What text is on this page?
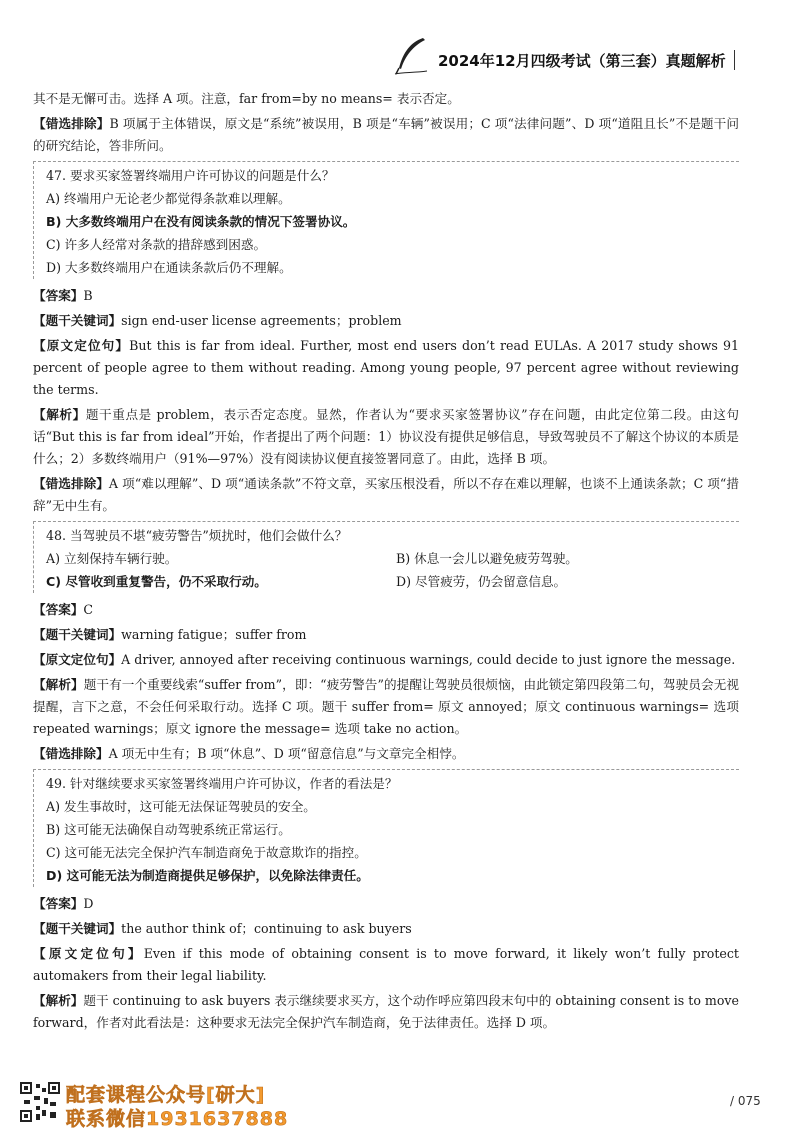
2024年12月四级考试（第三套）真题解析

其不是无懈可击。选择 A 项。注意，far from=by no means= 表示否定。

【错选排除】B 项属于主体错误，原文是“系统”被误用，B 项是“车辆”被误用；C 项“法律问题”、D 项“道阻且长”不是题干问的研究结论，答非所问。

47. 要求买家签署终端用户许可协议的问题是什么？

A) 终端用户无论老少都觉得条款难以理解。

B) 大多数终端用户在没有阅读条款的情况下签署协议。

C) 许多人经常对条款的措辞感到困惑。

D) 大多数终端用户在通读条款后仍不理解。

【答案】B

【题干关键词】sign end-user license agreements；problem

【原文定位句】But this is far from ideal. Further, most end users don’t read EULAs. A 2017 study shows 91 percent of people agree to them without reading. Among young people, 97 percent agree without reviewing the terms.

【解析】题干重点是 problem，表示否定态度。显然，作者认为“要求买家签署协议”存在问题，由此定位第二段。由这句话“But this is far from ideal”开始，作者提出了两个问题：1）协议没有提供足够信息，导致驾驶员不了解这个协议的本质是什么；2）多数终端用户（91%—97%）没有阅读协议便直接签署同意了。由此，选择 B 项。

【错选排除】A 项“难以理解”、D 项“通读条款”不符文章，买家压根没看，所以不存在难以理解，也谈不上通读条款；C 项“措辞”无中生有。

48. 当驾驶员不堪“疲劳警告”烦扰时，他们会做什么？

A) 立刻保持车辆行驶。	B) 休息一会儿以避免疲劳驾驶。

C) 尽管收到重复警告，仍不采取行动。	D) 尽管疲劳，仍会留意信息。

【答案】C

【题干关键词】warning fatigue；suffer from

【原文定位句】A driver, annoyed after receiving continuous warnings, could decide to just ignore the message.

【解析】题干有一个重要线索“suffer from”，即：“疲劳警告”的提醒让驾驶员很烦恼，由此锁定第四段第二句，驾驶员会无视提醒，言下之意，不会任何采取行动。选择 C 项。题干 suffer from= 原文 annoyed；原文 continuous warnings= 选项 repeated warnings；原文 ignore the message= 选项 take no action。

【错选排除】A 项无中生有；B 项“休息”、D 项“留意信息”与文章完全相悖。

49. 针对继续要求买家签署终端用户许可协议，作者的看法是？

A) 发生事故时，这可能无法保证驾驶员的安全。

B) 这可能无法确保自动驾驶系统正常运行。

C) 这可能无法完全保护汽车制造商免于故意欺诈的指控。

D) 这可能无法为制造商提供足够保护，以免除法律责任。

【答案】D

【题干关键词】the author think of；continuing to ask buyers

【原文定位句】Even if this mode of obtaining consent is to move forward, it likely won’t fully protect automakers from their legal liability.

【解析】题干 continuing to ask buyers 表示继续要求买方，这个动作呼应第四段末句中的 obtaining consent is to move forward，作者对此看法是：这种要求无法完全保护汽车制造商，免于法律责任。选择 D 项。

配套课程公众号[研大]
联系微信1931637888
/ 075
